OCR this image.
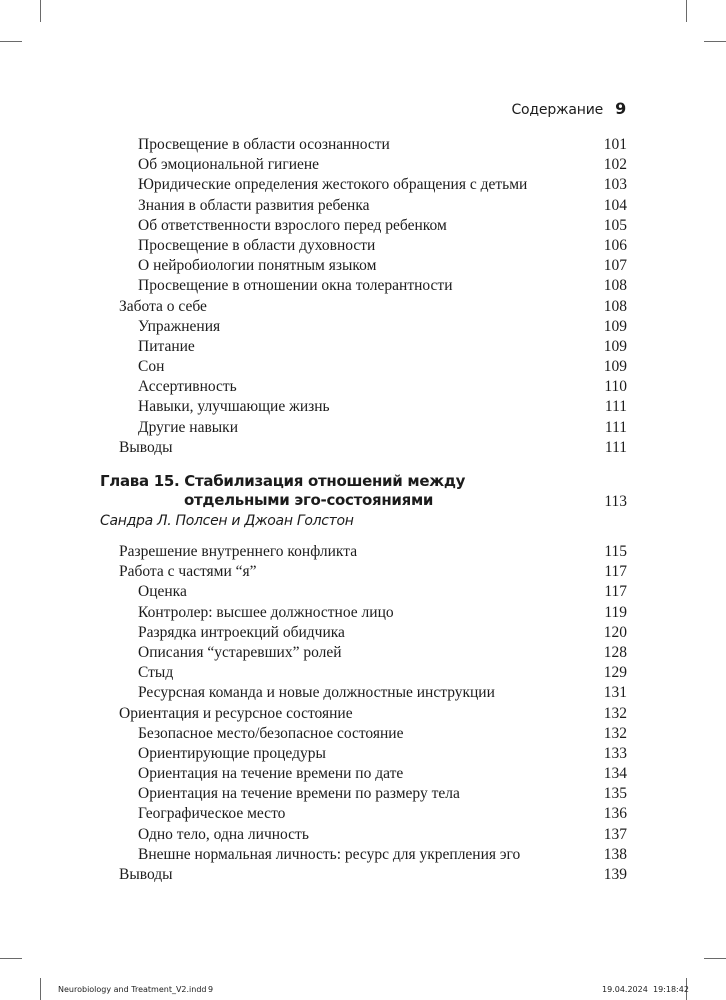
Содержание 9
Просвещение в области осознанности	101
Об эмоциональной гигиене	102
Юридические определения жестокого обращения с детьми	103
Знания в области развития ребенка	104
Об ответственности взрослого перед ребенком	105
Просвещение в области духовности	106
О нейробиологии понятным языком	107
Просвещение в отношении окна толерантности	108
Забота о себе	108
Упражнения	109
Питание	109
Сон	109
Ассертивность	110
Навыки, улучшающие жизнь	111
Другие навыки	111
Выводы	111
Глава 15. Стабилизация отношений между
отдельными эго-состояниями	113
Сандра Л. Полсен и Джоан Голстон
Разрешение внутреннего конфликта	115
Работа с частями “я”	117
Оценка	117
Контролер: высшее должностное лицо	119
Разрядка интроекций обидчика	120
Описания “устаревших” ролей	128
Стыд	129
Ресурсная команда и новые должностные инструкции	131
Ориентация и ресурсное состояние	132
Безопасное место/безопасное состояние	132
Ориентирующие процедуры	133
Ориентация на течение времени по дате	134
Ориентация на течение времени по размеру тела	135
Географическое место	136
Одно тело, одна личность	137
Внешне нормальная личность: ресурс для укрепления эго	138
Выводы	139
Neurobiology and Treatment_V2.indd 9	19.04.2024 19:18:42
